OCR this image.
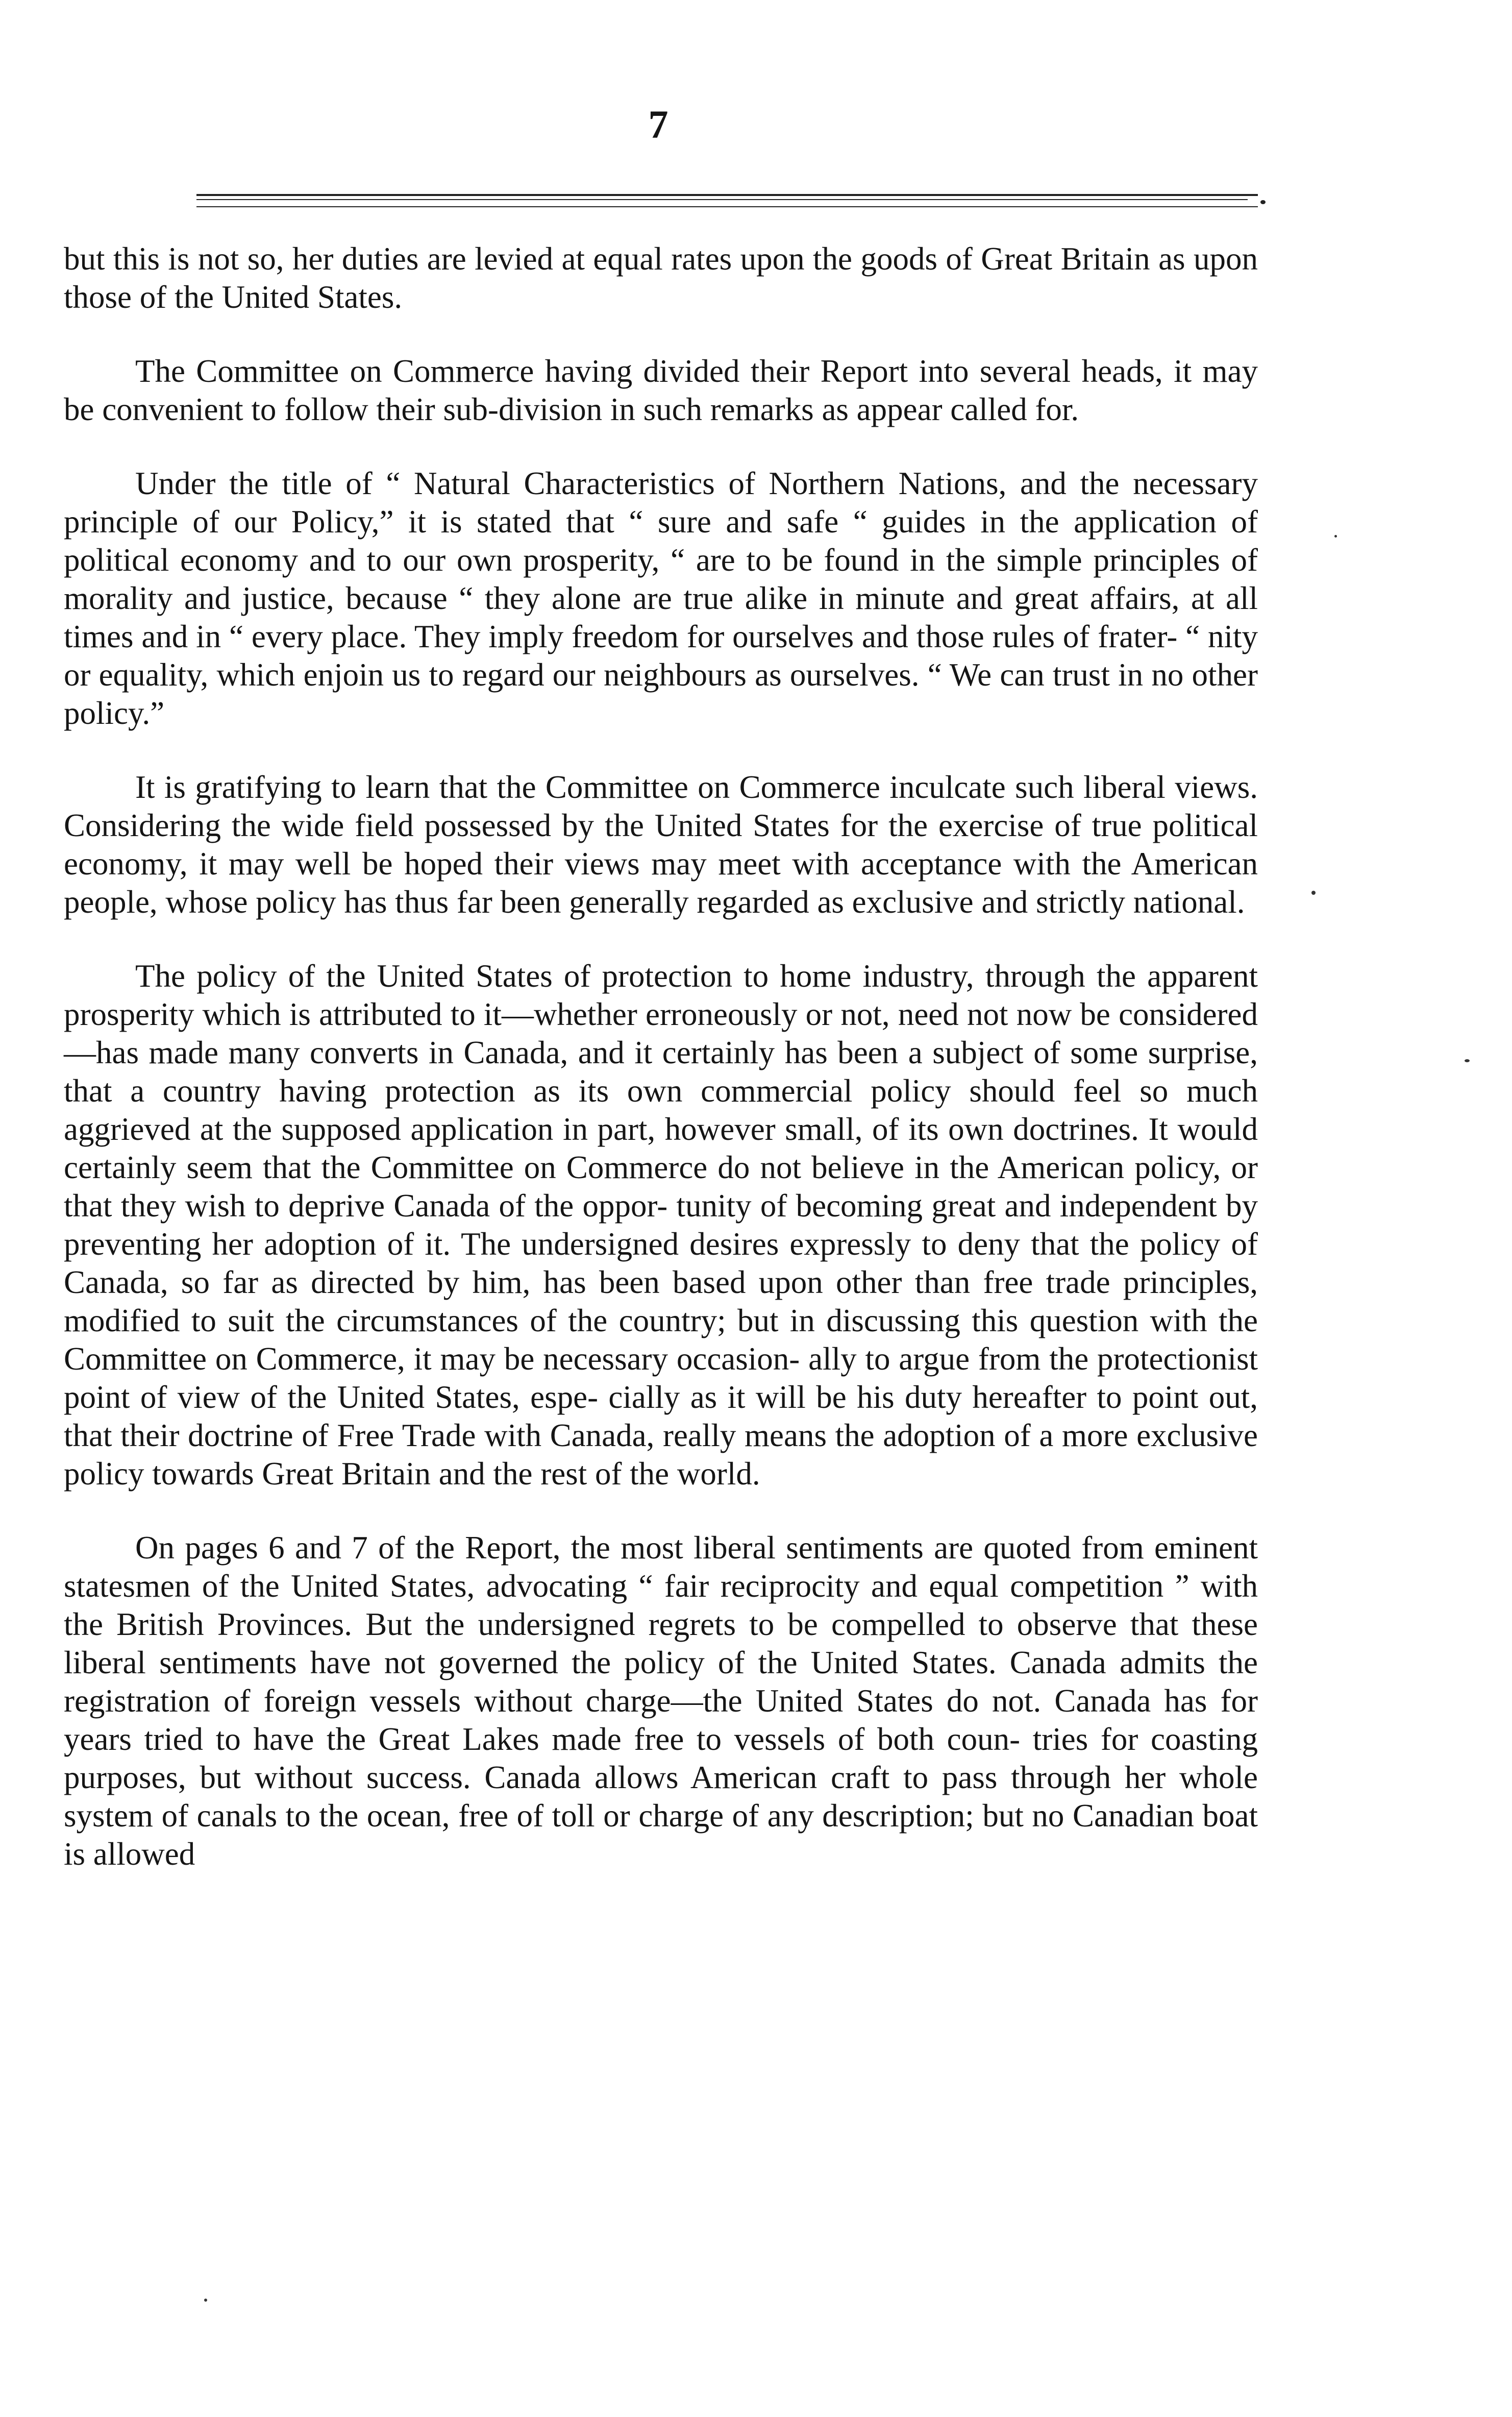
7

but this is not so, her duties are levied at equal rates upon the goods of Great Britain as upon those of the United States.

The Committee on Commerce having divided their Report into several heads, it may be convenient to follow their sub-division in such remarks as appear called for.

Under the title of “ Natural Characteristics of Northern Nations, and the necessary principle of our Policy,” it is stated that “ sure and safe “ guides in the application of political economy and to our own prosperity, “ are to be found in the simple principles of morality and justice, because “ they alone are true alike in minute and great affairs, at all times and in “ every place. They imply freedom for ourselves and those rules of frater- “ nity or equality, which enjoin us to regard our neighbours as ourselves. “ We can trust in no other policy.”

It is gratifying to learn that the Committee on Commerce inculcate such liberal views. Considering the wide field possessed by the United States for the exercise of true political economy, it may well be hoped their views may meet with acceptance with the American people, whose policy has thus far been generally regarded as exclusive and strictly national.

The policy of the United States of protection to home industry, through the apparent prosperity which is attributed to it—whether erroneously or not, need not now be considered—has made many converts in Canada, and it certainly has been a subject of some surprise, that a country having protection as its own commercial policy should feel so much aggrieved at the supposed application in part, however small, of its own doctrines. It would certainly seem that the Committee on Commerce do not believe in the American policy, or that they wish to deprive Canada of the oppor- tunity of becoming great and independent by preventing her adoption of it. The undersigned desires expressly to deny that the policy of Canada, so far as directed by him, has been based upon other than free trade principles, modified to suit the circumstances of the country; but in discussing this question with the Committee on Commerce, it may be necessary occasion- ally to argue from the protectionist point of view of the United States, espe- cially as it will be his duty hereafter to point out, that their doctrine of Free Trade with Canada, really means the adoption of a more exclusive policy towards Great Britain and the rest of the world.

On pages 6 and 7 of the Report, the most liberal sentiments are quoted from eminent statesmen of the United States, advocating “ fair reciprocity and equal competition ” with the British Provinces. But the undersigned regrets to be compelled to observe that these liberal sentiments have not governed the policy of the United States. Canada admits the registration of foreign vessels without charge—the United States do not. Canada has for years tried to have the Great Lakes made free to vessels of both coun- tries for coasting purposes, but without success. Canada allows American craft to pass through her whole system of canals to the ocean, free of toll or charge of any description; but no Canadian boat is allowed
